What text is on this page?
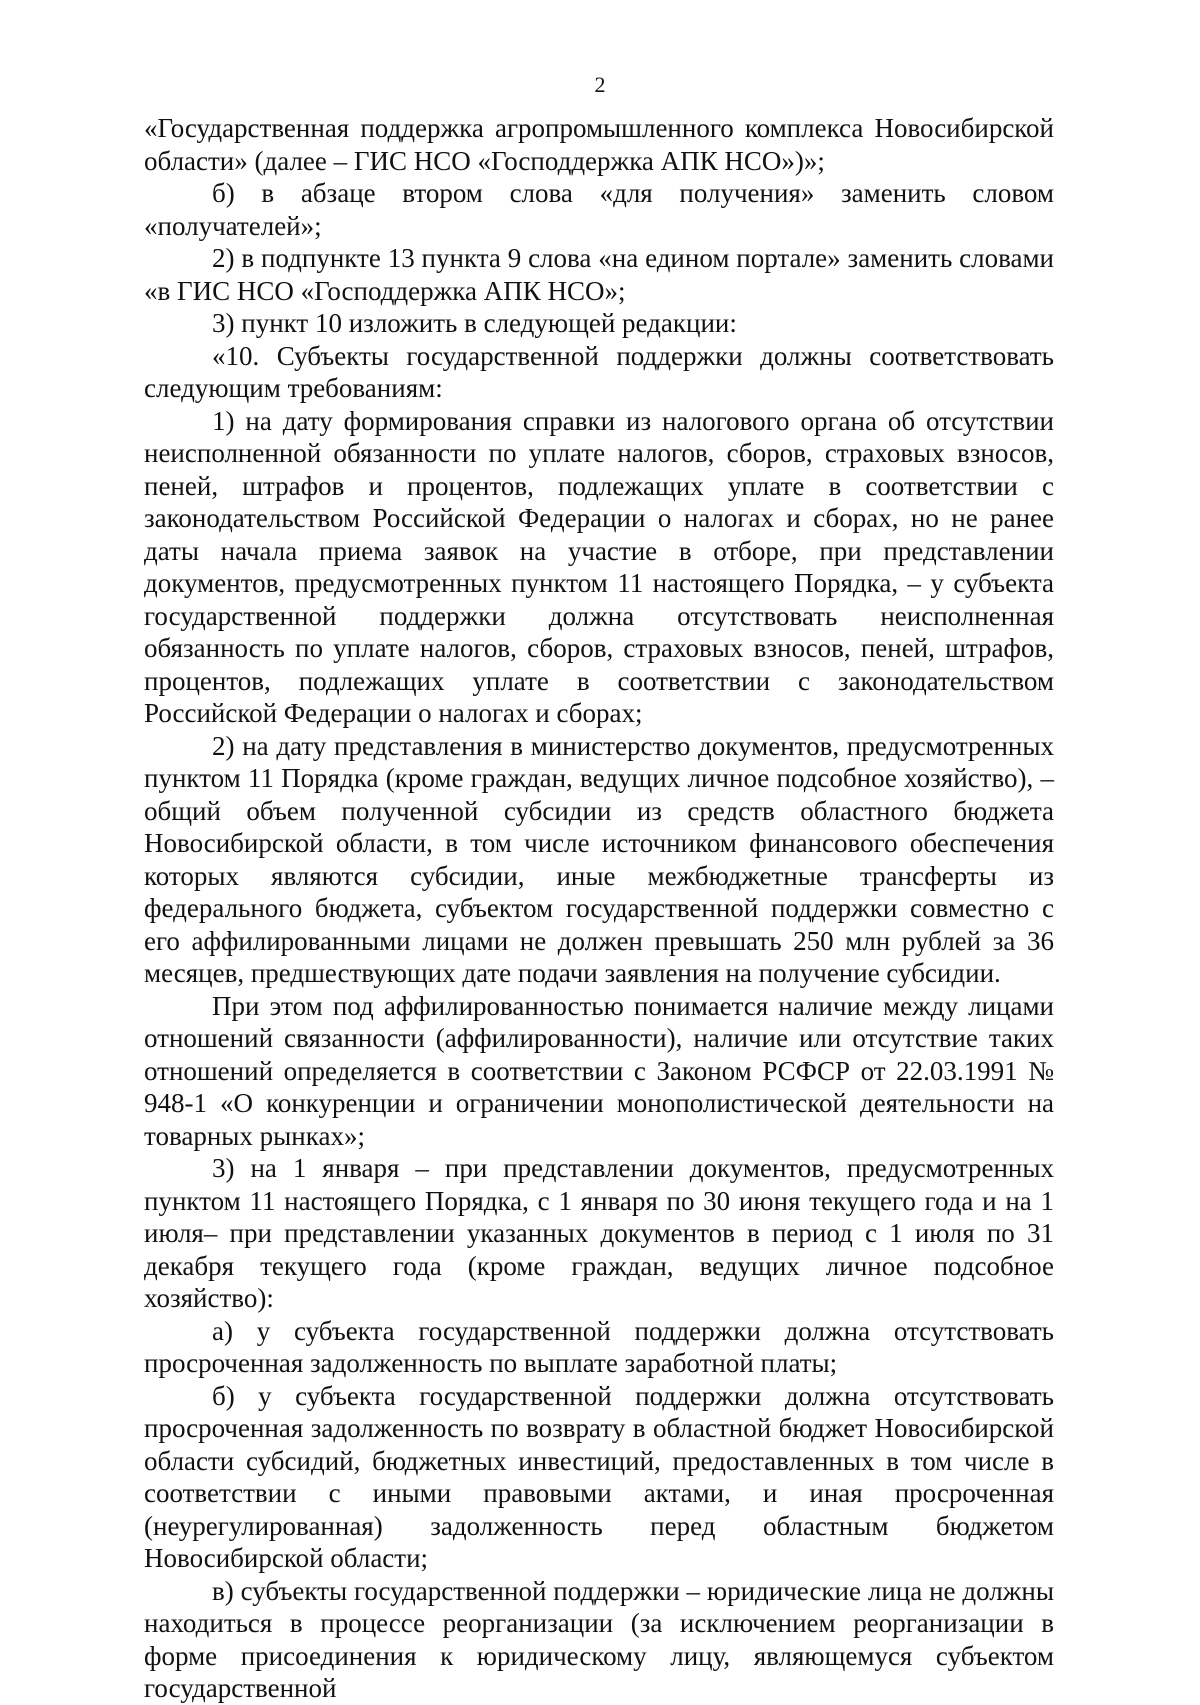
2

«Государственная поддержка агропромышленного комплекса Новосибирской области» (далее – ГИС НСО «Господдержка АПК НСО»)»;

б) в абзаце втором слова «для получения» заменить словом «получателей»;

2) в подпункте 13 пункта 9 слова «на едином портале» заменить словами «в ГИС НСО «Господдержка АПК НСО»;

3) пункт 10 изложить в следующей редакции:

«10. Субъекты государственной поддержки должны соответствовать следующим требованиям:

1) на дату формирования справки из налогового органа об отсутствии неисполненной обязанности по уплате налогов, сборов, страховых взносов, пеней, штрафов и процентов, подлежащих уплате в соответствии с законодательством Российской Федерации о налогах и сборах, но не ранее даты начала приема заявок на участие в отборе, при представлении документов, предусмотренных пунктом 11 настоящего Порядка, – у субъекта государственной поддержки должна отсутствовать неисполненная обязанность по уплате налогов, сборов, страховых взносов, пеней, штрафов, процентов, подлежащих уплате в соответствии с законодательством Российской Федерации о налогах и сборах;

2) на дату представления в министерство документов, предусмотренных пунктом 11 Порядка (кроме граждан, ведущих личное подсобное хозяйство), – общий объем полученной субсидии из средств областного бюджета Новосибирской области, в том числе источником финансового обеспечения которых являются субсидии, иные межбюджетные трансферты из федерального бюджета, субъектом государственной поддержки совместно с его аффилированными лицами не должен превышать 250 млн рублей за 36 месяцев, предшествующих дате подачи заявления на получение субсидии.

При этом под аффилированностью понимается наличие между лицами отношений связанности (аффилированности), наличие или отсутствие таких отношений определяется в соответствии с Законом РСФСР от 22.03.1991 № 948-1 «О конкуренции и ограничении монополистической деятельности на товарных рынках»;

3) на 1 января – при представлении документов, предусмотренных пунктом 11 настоящего Порядка, с 1 января по 30 июня текущего года и на 1 июля– при представлении указанных документов в период с 1 июля по 31 декабря текущего года (кроме граждан, ведущих личное подсобное хозяйство):

а) у субъекта государственной поддержки должна отсутствовать просроченная задолженность по выплате заработной платы;

б) у субъекта государственной поддержки должна отсутствовать просроченная задолженность по возврату в областной бюджет Новосибирской области субсидий, бюджетных инвестиций, предоставленных в том числе в соответствии с иными правовыми актами, и иная просроченная (неурегулированная) задолженность перед областным бюджетом Новосибирской области;

в) субъекты государственной поддержки – юридические лица не должны находиться в процессе реорганизации (за исключением реорганизации в форме присоединения к юридическому лицу, являющемуся субъектом государственной
